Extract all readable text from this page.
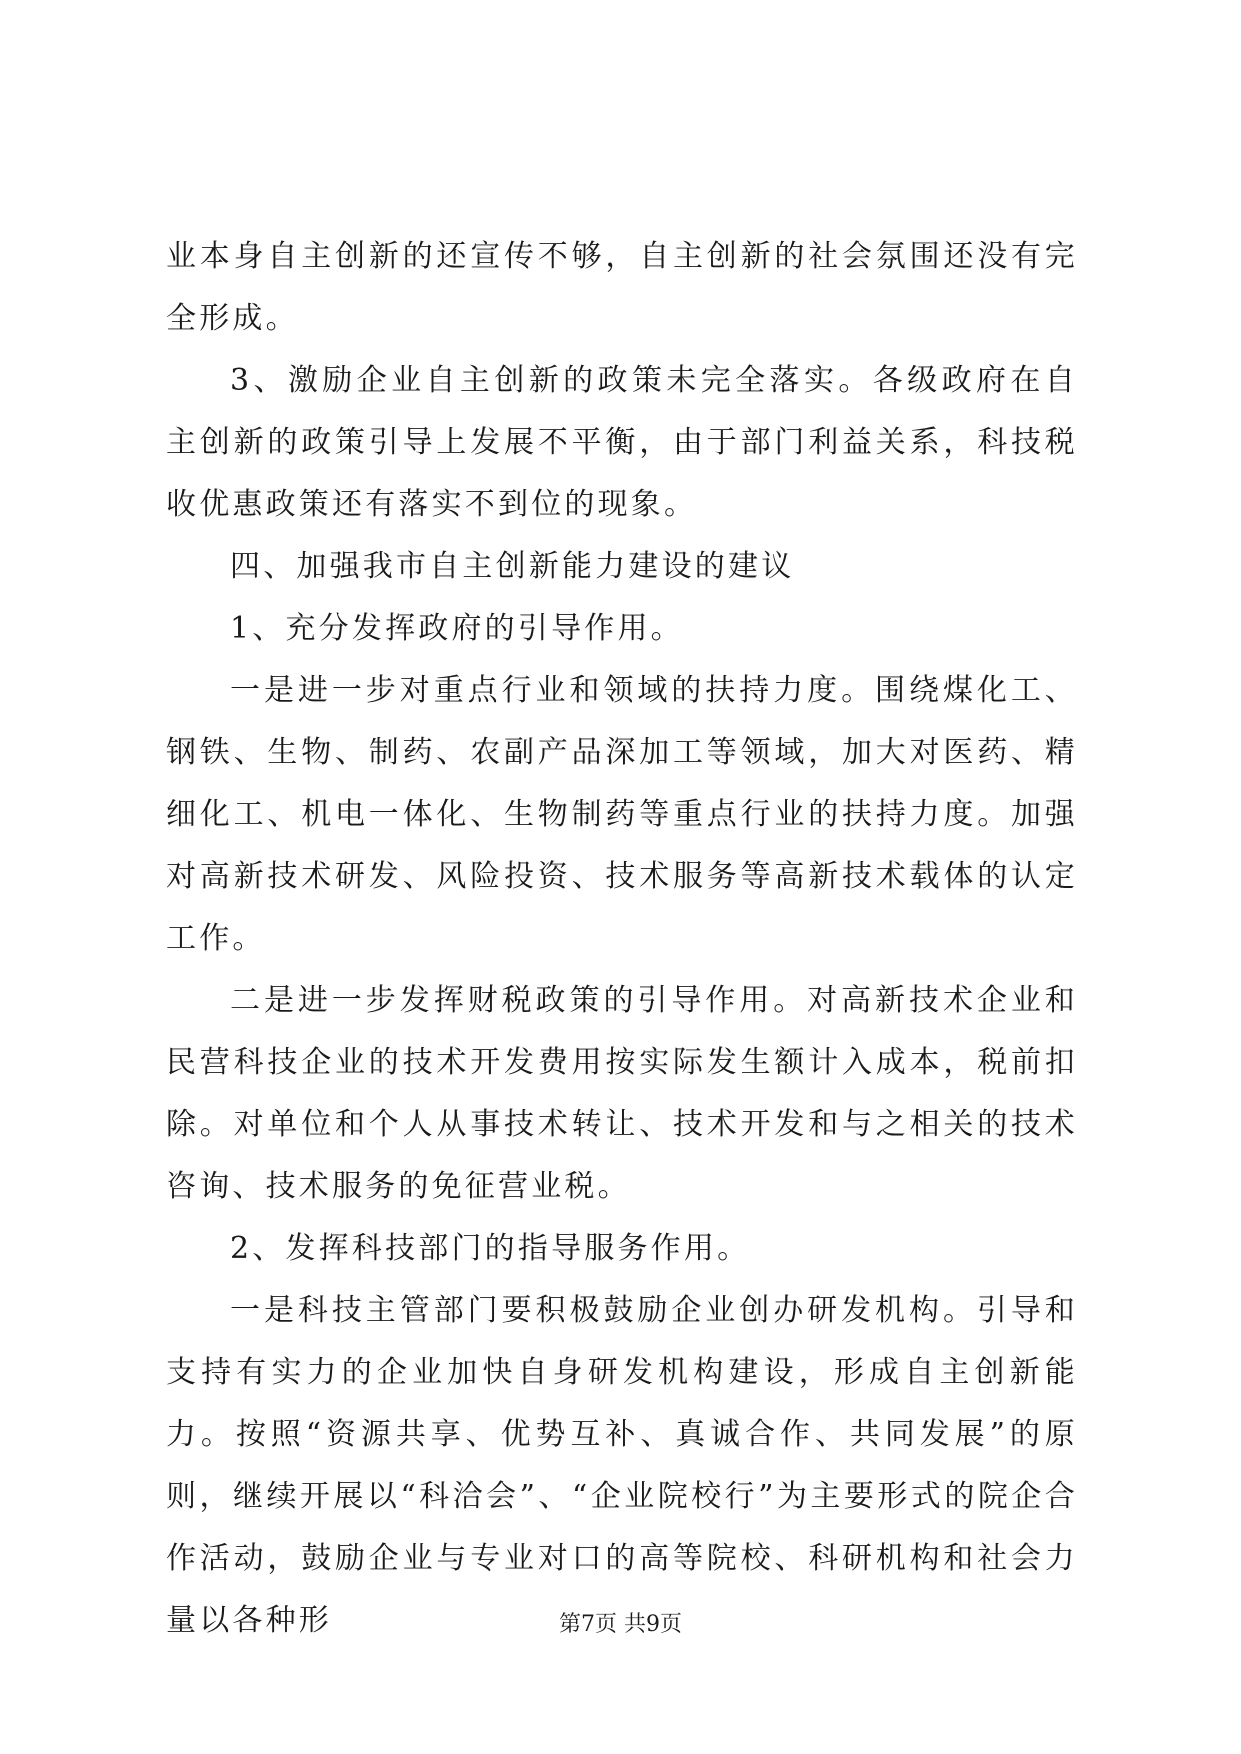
业本身自主创新的还宣传不够，自主创新的社会氛围还没有完全形成。

3、激励企业自主创新的政策未完全落实。各级政府在自主创新的政策引导上发展不平衡，由于部门利益关系，科技税收优惠政策还有落实不到位的现象。

四、加强我市自主创新能力建设的建议

1、充分发挥政府的引导作用。

一是进一步对重点行业和领域的扶持力度。围绕煤化工、钢铁、生物、制药、农副产品深加工等领域，加大对医药、精细化工、机电一体化、生物制药等重点行业的扶持力度。加强对高新技术研发、风险投资、技术服务等高新技术载体的认定工作。

二是进一步发挥财税政策的引导作用。对高新技术企业和民营科技企业的技术开发费用按实际发生额计入成本，税前扣除。对单位和个人从事技术转让、技术开发和与之相关的技术咨询、技术服务的免征营业税。

2、发挥科技部门的指导服务作用。

一是科技主管部门要积极鼓励企业创办研发机构。引导和支持有实力的企业加快自身研发机构建设，形成自主创新能力。按照“资源共享、优势互补、真诚合作、共同发展”的原则，继续开展以“科洽会”、“企业院校行”为主要形式的院企合作活动，鼓励企业与专业对口的高等院校、科研机构和社会力量以各种形	第7页 共9页
